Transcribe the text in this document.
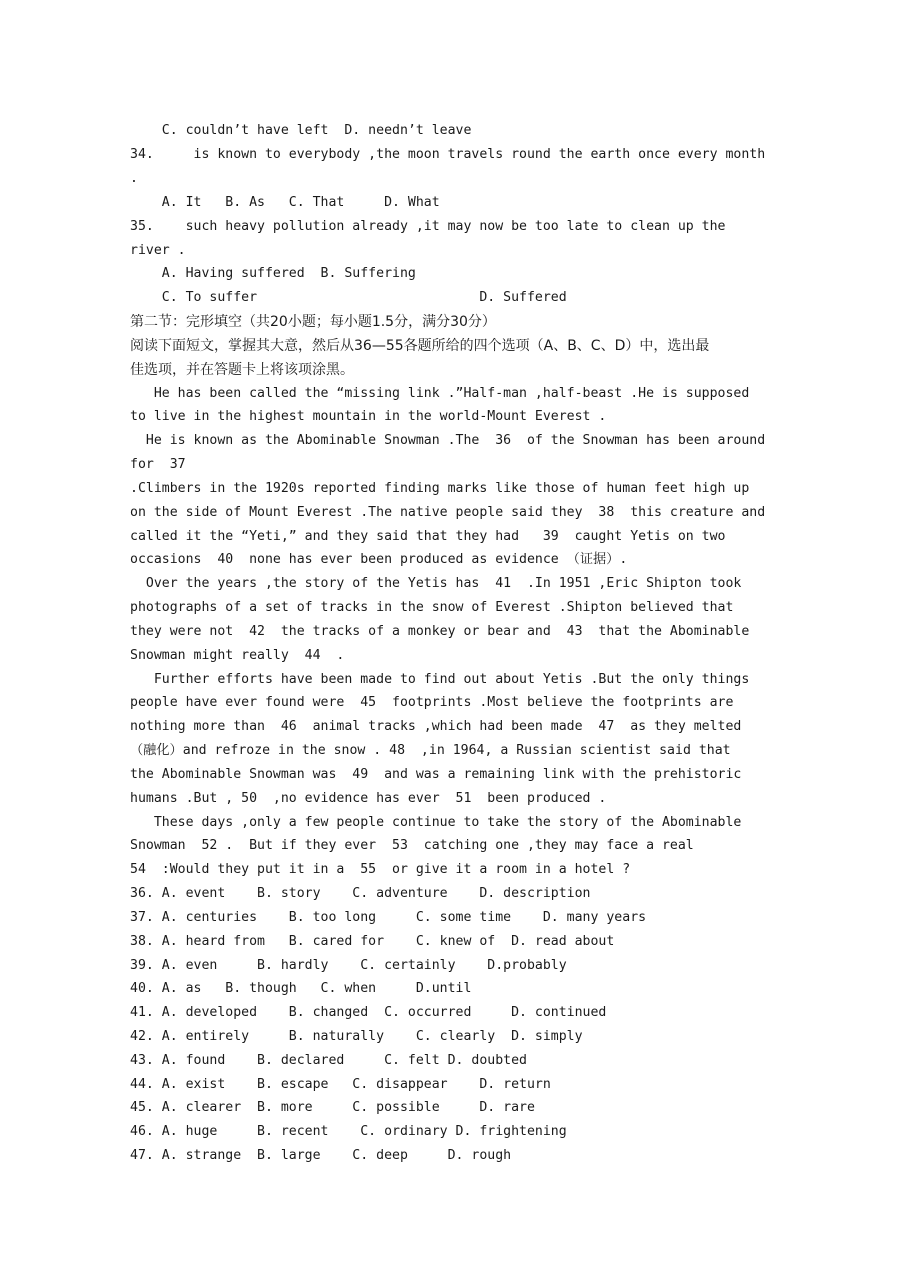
C. couldn’t have left  D. needn’t leave
34.     is known to everybody ,the moon travels round the earth once every month
.
A. It   B. As   C. That     D. What
35.    such heavy pollution already ,it may now be too late to clean up the
river .
A. Having suffered  B. Suffering
C. To suffer                            D. Suffered
第二节：完形填空（共20小题；每小题1.5分，满分30分）
阅读下面短文，掌握其大意，然后从36—55各题所给的四个选项（A、B、C、D）中，选出最
佳选项，并在答题卡上将该项涂黑。
He has been called the “missing link .”Half-man ,half-beast .He is supposed
to live in the highest mountain in the world-Mount Everest .
He is known as the Abominable Snowman .The  36  of the Snowman has been around
for  37
.Climbers in the 1920s reported finding marks like those of human feet high up
on the side of Mount Everest .The native people said they  38  this creature and
called it the “Yeti,” and they said that they had   39  caught Yetis on two
occasions  40  none has ever been produced as evidence （证据）.
Over the years ,the story of the Yetis has  41  .In 1951 ,Eric Shipton took
photographs of a set of tracks in the snow of Everest .Shipton believed that
they were not  42  the tracks of a monkey or bear and  43  that the Abominable
Snowman might really  44  .
Further efforts have been made to find out about Yetis .But the only things
people have ever found were  45  footprints .Most believe the footprints are
nothing more than  46  animal tracks ,which had been made  47  as they melted
（融化）and refroze in the snow . 48  ,in 1964, a Russian scientist said that
the Abominable Snowman was  49  and was a remaining link with the prehistoric
humans .But , 50  ,no evidence has ever  51  been produced .
These days ,only a few people continue to take the story of the Abominable
Snowman  52 .  But if they ever  53  catching one ,they may face a real
54  :Would they put it in a  55  or give it a room in a hotel ?
36. A. event    B. story    C. adventure    D. description
37. A. centuries    B. too long     C. some time    D. many years
38. A. heard from   B. cared for    C. knew of  D. read about
39. A. even     B. hardly    C. certainly    D.probably
40. A. as   B. though   C. when     D.until
41. A. developed    B. changed  C. occurred     D. continued
42. A. entirely     B. naturally    C. clearly  D. simply
43. A. found    B. declared     C. felt D. doubted
44. A. exist    B. escape   C. disappear    D. return
45. A. clearer  B. more     C. possible     D. rare
46. A. huge     B. recent    C. ordinary D. frightening
47. A. strange  B. large    C. deep     D. rough
